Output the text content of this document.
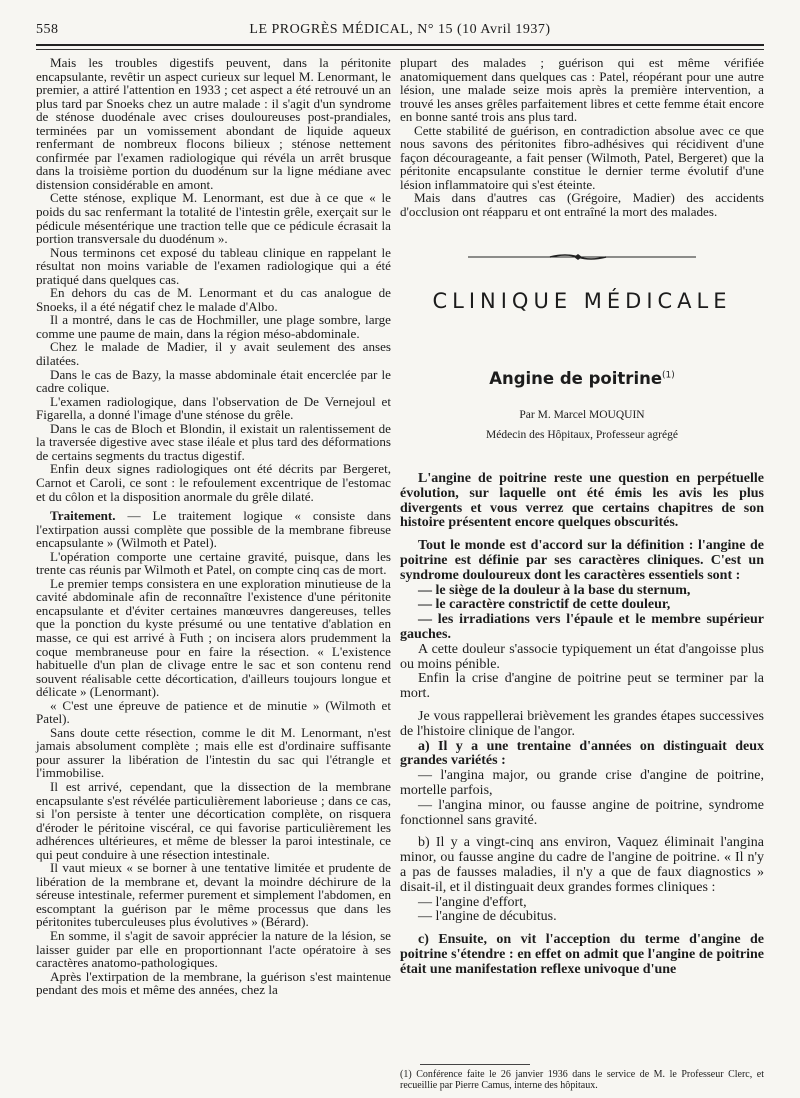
558	LE PROGRÈS MÉDICAL, N° 15 (10 Avril 1937)

Mais les troubles digestifs peuvent, dans la péritonite encapsulante, revêtir un aspect curieux sur lequel M. Lenormant, le premier, a attiré l'attention en 1933 ; cet aspect a été retrouvé un an plus tard par Snoeks chez un autre malade : il s'agit d'un syndrome de sténose duodénale avec crises douloureuses post-prandiales, terminées par un vomissement abondant de liquide aqueux renfermant de nombreux flocons bilieux ; sténose nettement confirmée par l'examen radiologique qui révéla un arrêt brusque dans la troisième portion du duodénum sur la ligne médiane avec distension considérable en amont.

Cette sténose, explique M. Lenormant, est due à ce que « le poids du sac renfermant la totalité de l'intestin grêle, exerçait sur le pédicule mésentérique une traction telle que ce pédicule écrasait la portion transversale du duodénum ».

Nous terminons cet exposé du tableau clinique en rappelant le résultat non moins variable de l'examen radiologique qui a été pratiqué dans quelques cas.

En dehors du cas de M. Lenormant et du cas analogue de Snoeks, il a été négatif chez le malade d'Albo.

Il a montré, dans le cas de Hochmiller, une plage sombre, large comme une paume de main, dans la région méso-abdominale.

Chez le malade de Madier, il y avait seulement des anses dilatées.

Dans le cas de Bazy, la masse abdominale était encerclée par le cadre colique.

L'examen radiologique, dans l'observation de De Vernejoul et Figarella, a donné l'image d'une sténose du grêle.

Dans le cas de Bloch et Blondin, il existait un ralentissement de la traversée digestive avec stase iléale et plus tard des déformations de certains segments du tractus digestif.

Enfin deux signes radiologiques ont été décrits par Bergeret, Carnot et Caroli, ce sont : le refoulement excentrique de l'estomac et du côlon et la disposition anormale du grêle dilaté.

Traitement. — Le traitement logique « consiste dans l'extirpation aussi complète que possible de la membrane fibreuse encapsulante » (Wilmoth et Patel).

L'opération comporte une certaine gravité, puisque, dans les trente cas réunis par Wilmoth et Patel, on compte cinq cas de mort.

Le premier temps consistera en une exploration minutieuse de la cavité abdominale afin de reconnaître l'existence d'une péritonite encapsulante et d'éviter certaines manœuvres dangereuses, telles que la ponction du kyste présumé ou une tentative d'ablation en masse, ce qui est arrivé à Futh ; on incisera alors prudemment la coque membraneuse pour en faire la résection. « L'existence habituelle d'un plan de clivage entre le sac et son contenu rend souvent réalisable cette décortication, d'ailleurs toujours longue et délicate » (Lenormant).

« C'est une épreuve de patience et de minutie » (Wilmoth et Patel).

Sans doute cette résection, comme le dit M. Lenormant, n'est jamais absolument complète ; mais elle est d'ordinaire suffisante pour assurer la libération de l'intestin du sac qui l'étrangle et l'immobilise.

Il est arrivé, cependant, que la dissection de la membrane encapsulante s'est révélée particulièrement laborieuse ; dans ce cas, si l'on persiste à tenter une décortication complète, on risquera d'éroder le péritoine viscéral, ce qui favorise particulièrement les adhérences ultérieures, et même de blesser la paroi intestinale, ce qui peut conduire à une résection intestinale.

Il vaut mieux « se borner à une tentative limitée et prudente de libération de la membrane et, devant la moindre déchirure de la séreuse intestinale, refermer purement et simplement l'abdomen, en escomptant la guérison par le même processus que dans les péritonites tuberculeuses plus évolutives » (Bérard).

En somme, il s'agit de savoir apprécier la nature de la lésion, se laisser guider par elle en proportionnant l'acte opératoire à ses caractères anatomo-pathologiques.

Après l'extirpation de la membrane, la guérison s'est maintenue pendant des mois et même des années, chez la

plupart des malades ; guérison qui est même vérifiée anatomiquement dans quelques cas : Patel, réopérant pour une autre lésion, une malade seize mois après la première intervention, a trouvé les anses grêles parfaitement libres et cette femme était encore en bonne santé trois ans plus tard.

Cette stabilité de guérison, en contradiction absolue avec ce que nous savons des péritonites fibro-adhésives qui récidivent d'une façon décourageante, a fait penser (Wilmoth, Patel, Bergeret) que la péritonite encapsulante constitue le dernier terme évolutif d'une lésion inflammatoire qui s'est éteinte.

Mais dans d'autres cas (Grégoire, Madier) des accidents d'occlusion ont réapparu et ont entraîné la mort des malades.

CLINIQUE MÉDICALE
Angine de poitrine$^{(1)}$
Par M. Marcel MOUQUIN
Médecin des Hôpitaux, Professeur agrégé

L'angine de poitrine reste une question en perpétuelle évolution, sur laquelle ont été émis les avis les plus divergents et vous verrez que certains chapitres de son histoire présentent encore quelques obscurités.

Tout le monde est d'accord sur la définition : l'angine de poitrine est définie par ses caractères cliniques. C'est un syndrome douloureux dont les caractères essentiels sont :

— le siège de la douleur à la base du sternum,

— le caractère constrictif de cette douleur,

— les irradiations vers l'épaule et le membre supérieur gauches.

A cette douleur s'associe typiquement un état d'angoisse plus ou moins pénible.

Enfin la crise d'angine de poitrine peut se terminer par la mort.

Je vous rappellerai brièvement les grandes étapes successives de l'histoire clinique de l'angor.

a) Il y a une trentaine d'années on distinguait deux grandes variétés :

— l'angina major, ou grande crise d'angine de poitrine, mortelle parfois,

— l'angina minor, ou fausse angine de poitrine, syndrome fonctionnel sans gravité.

b) Il y a vingt-cinq ans environ, Vaquez éliminait l'angina minor, ou fausse angine du cadre de l'angine de poitrine. « Il n'y a pas de fausses maladies, il n'y a que de faux diagnostics » disait-il, et il distinguait deux grandes formes cliniques :

— l'angine d'effort,

— l'angine de décubitus.

c) Ensuite, on vit l'acception du terme d'angine de poitrine s'étendre : en effet on admit que l'angine de poitrine était une manifestation reflexe univoque d'une

(1) Conférence faite le 26 janvier 1936 dans le service de M. le Professeur Clerc, et recueillie par Pierre Camus, interne des hôpitaux.
